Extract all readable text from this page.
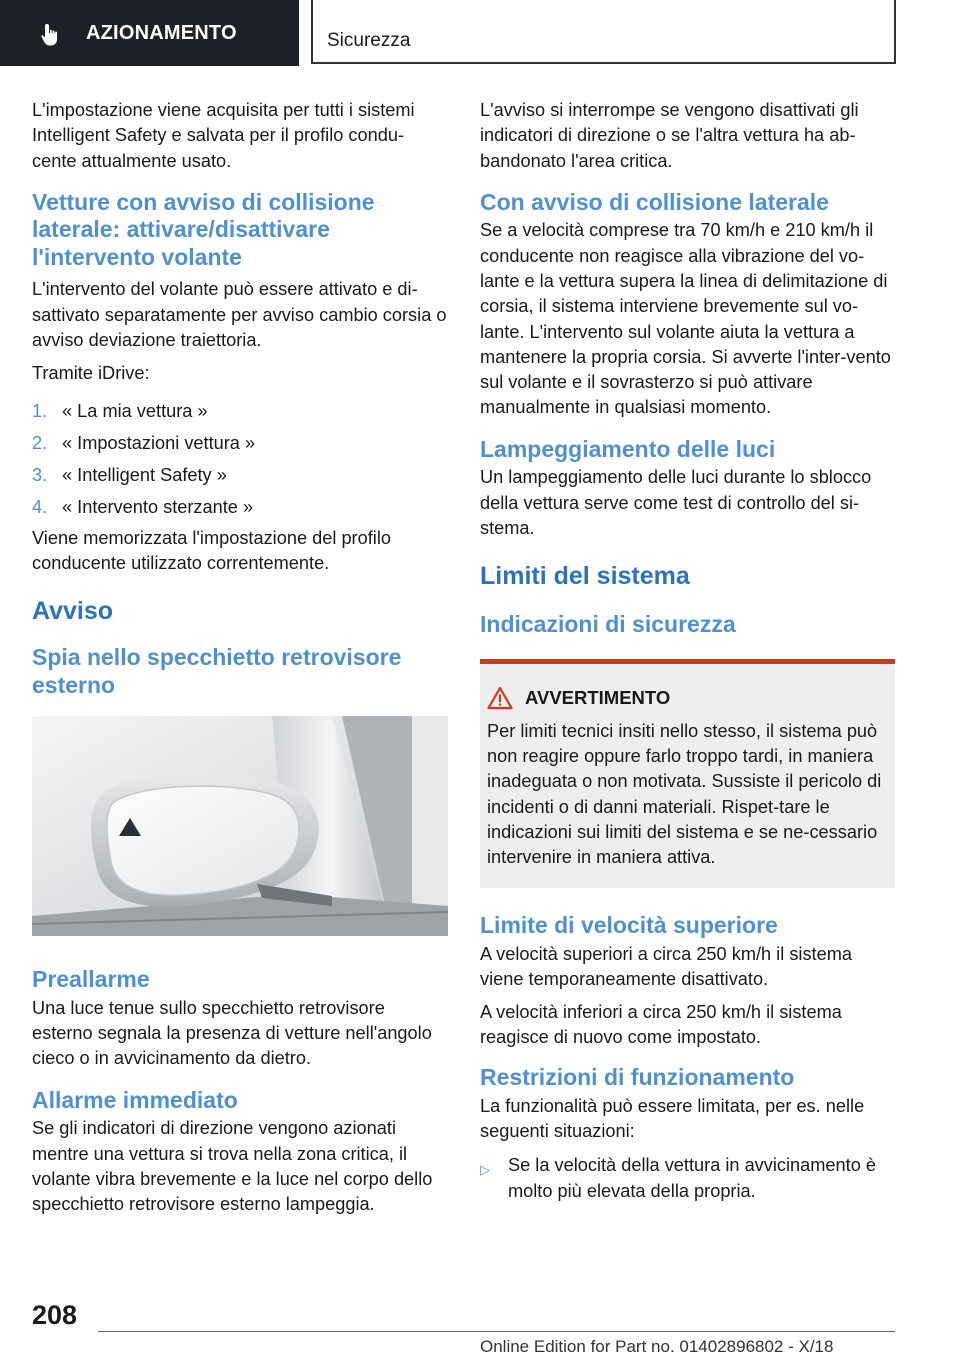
AZIONAMENTO	Sicurezza

L'impostazione viene acquisita per tutti i sistemi Intelligent Safety e salvata per il profilo condu-cente attualmente usato.

Vetture con avviso di collisione laterale: attivare/disattivare l'intervento volante

L'intervento del volante può essere attivato e di-sattivato separatamente per avviso cambio corsia o avviso deviazione traiettoria.

Tramite iDrive:

1. « La mia vettura »
2. « Impostazioni vettura »
3. « Intelligent Safety »
4. « Intervento sterzante »

Viene memorizzata l'impostazione del profilo conducente utilizzato correntemente.

Avviso
Spia nello specchietto retrovisore esterno
Preallarme

Una luce tenue sullo specchietto retrovisore esterno segnala la presenza di vetture nell'angolo cieco o in avvicinamento da dietro.

Allarme immediato

Se gli indicatori di direzione vengono azionati mentre una vettura si trova nella zona critica, il volante vibra brevemente e la luce nel corpo dello specchietto retrovisore esterno lampeggia.

L'avviso si interrompe se vengono disattivati gli indicatori di direzione o se l'altra vettura ha ab-bandonato l'area critica.

Con avviso di collisione laterale

Se a velocità comprese tra 70 km/h e 210 km/h il conducente non reagisce alla vibrazione del vo-lante e la vettura supera la linea di delimitazione di corsia, il sistema interviene brevemente sul vo-lante. L'intervento sul volante aiuta la vettura a mantenere la propria corsia. Si avverte l'inter-vento sul volante e il sovrasterzo si può attivare manualmente in qualsiasi momento.

Lampeggiamento delle luci

Un lampeggiamento delle luci durante lo sblocco della vettura serve come test di controllo del si-stema.

Limiti del sistema
Indicazioni di sicurezza
AVVERTIMENTO

Per limiti tecnici insiti nello stesso, il sistema può non reagire oppure farlo troppo tardi, in maniera inadeguata o non motivata. Sussiste il pericolo di incidenti o di danni materiali. Rispet-tare le indicazioni sui limiti del sistema e se ne-cessario intervenire in maniera attiva.

Limite di velocità superiore

A velocità superiori a circa 250 km/h il sistema viene temporaneamente disattivato.

A velocità inferiori a circa 250 km/h il sistema reagisce di nuovo come impostato.

Restrizioni di funzionamento

La funzionalità può essere limitata, per es. nelle seguenti situazioni:

▷ Se la velocità della vettura in avvicinamento è molto più elevata della propria.
208
Online Edition for Part no. 01402896802 - X/18
